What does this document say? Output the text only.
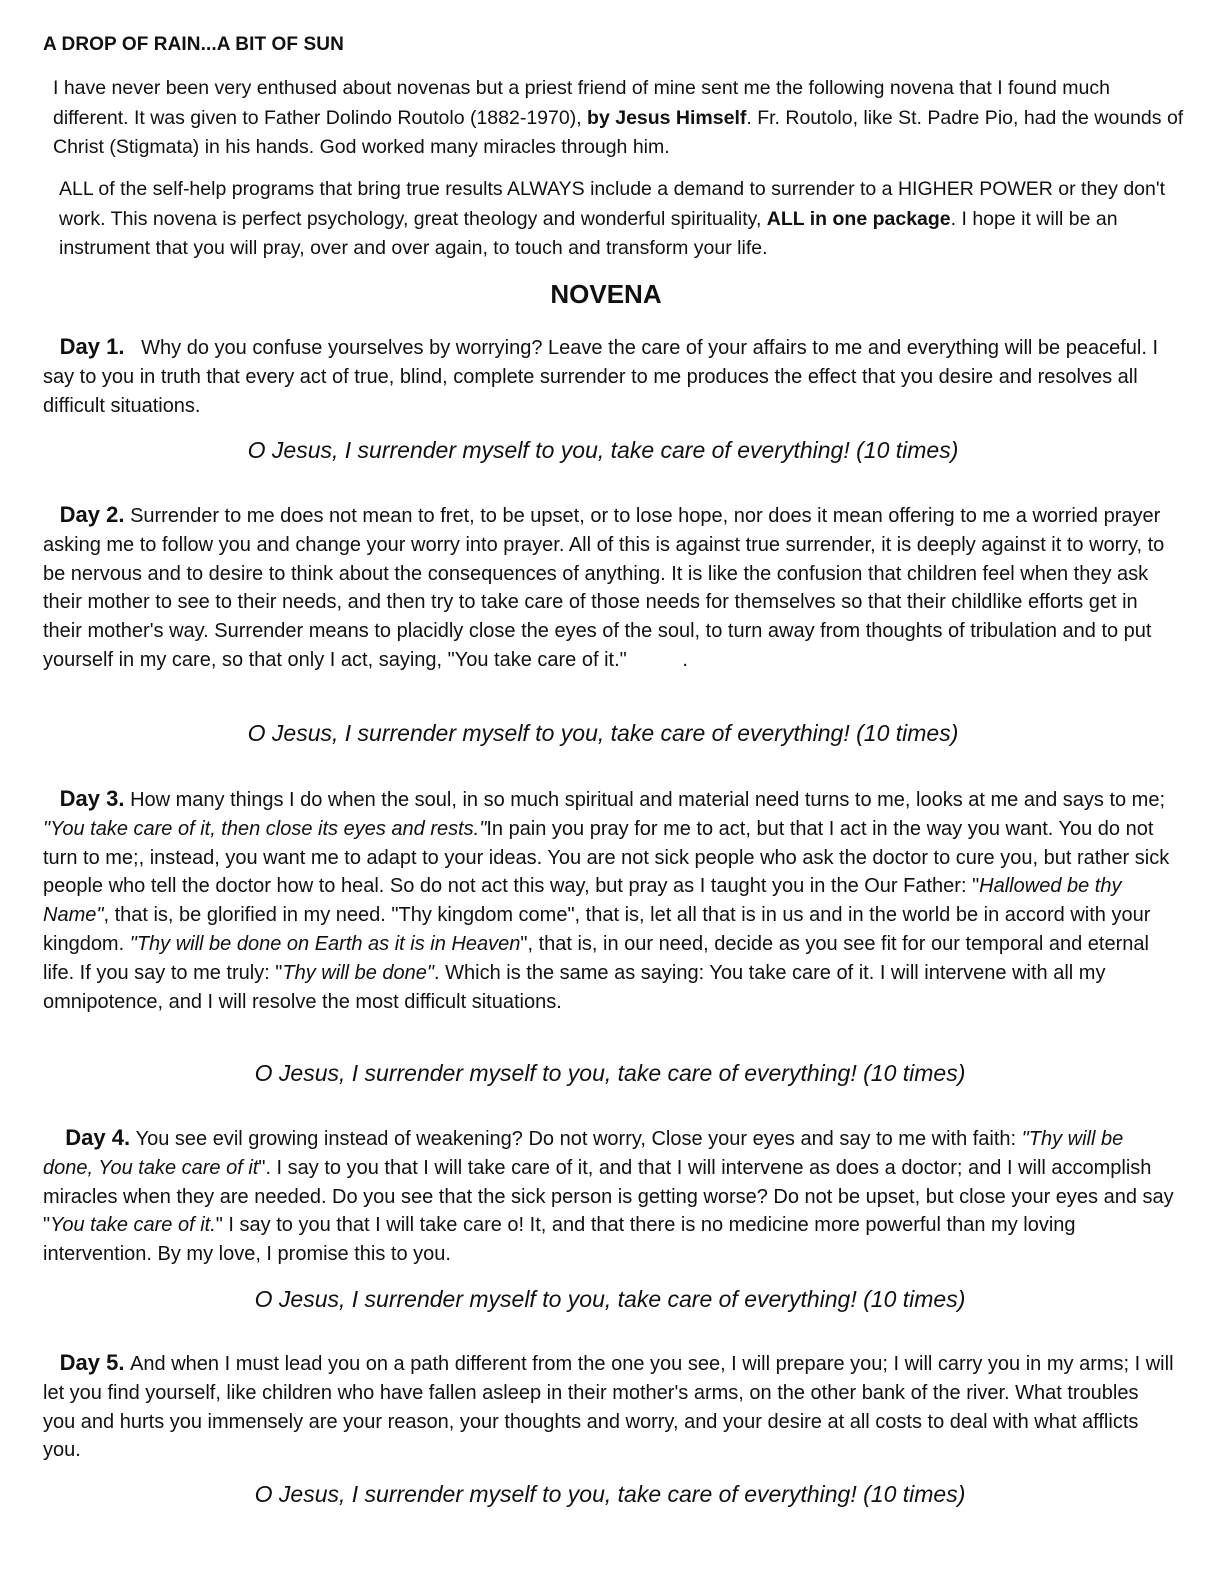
A DROP OF RAIN...A BIT OF SUN

I have never been very enthused about novenas but a priest friend of mine sent me the following novena that I found much different. It was given to Father Dolindo Routolo (1882-1970), by Jesus Himself. Fr. Routolo, like St. Padre Pio, had the wounds of Christ (Stigmata) in his hands. God worked many miracles through him.

ALL of the self-help programs that bring true results ALWAYS include a demand to surrender to a HIGHER POWER or they don't work. This novena is perfect psychology, great theology and wonderful spirituality, ALL in one package. I hope it will be an instrument that you will pray, over and over again, to touch and transform your life.

NOVENA

Day 1. Why do you confuse yourselves by worrying? Leave the care of your affairs to me and everything will be peaceful. I say to you in truth that every act of true, blind, complete surrender to me produces the effect that you desire and resolves all difficult situations.

O Jesus, I surrender myself to you, take care of everything! (10 times)

Day 2. Surrender to me does not mean to fret, to be upset, or to lose hope, nor does it mean offering to me a worried prayer asking me to follow you and change your worry into prayer. All of this is against true surrender, it is deeply against it to worry, to be nervous and to desire to think about the consequences of anything. It is like the confusion that children feel when they ask their mother to see to their needs, and then try to take care of those needs for themselves so that their childlike efforts get in their mother's way. Surrender means to placidly close the eyes of the soul, to turn away from thoughts of tribulation and to put yourself in my care, so that only I act, saying, "You take care of it."	.

O Jesus, I surrender myself to you, take care of everything! (10 times)

Day 3. How many things I do when the soul, in so much spiritual and material need turns to me, looks at me and says to me; "You take care of it, then close its eyes and rests."In pain you pray for me to act, but that I act in the way you want. You do not turn to me;, instead, you want me to adapt to your ideas. You are not sick people who ask the doctor to cure you, but rather sick people who tell the doctor how to heal. So do not act this way, but pray as I taught you in the Our Father: "Hallowed be thy Name", that is, be glorified in my need. "Thy kingdom come", that is, let all that is in us and in the world be in accord with your kingdom. "Thy will be done on Earth as it is in Heaven", that is, in our need, decide as you see fit for our temporal and eternal life. If you say to me truly: "Thy will be done". Which is the same as saying: You take care of it. I will intervene with all my omnipotence, and I will resolve the most difficult situations.

O Jesus, I surrender myself to you, take care of everything! (10 times)

Day 4. You see evil growing instead of weakening? Do not worry, Close your eyes and say to me with faith: "Thy will be done, You take care of it". I say to you that I will take care of it, and that I will intervene as does a doctor; and I will accomplish miracles when they are needed. Do you see that the sick person is getting worse? Do not be upset, but close your eyes and say "You take care of it." I say to you that I will take care o! It, and that there is no medicine more powerful than my loving intervention. By my love, I promise this to you.

O Jesus, I surrender myself to you, take care of everything! (10 times)

Day 5. And when I must lead you on a path different from the one you see, I will prepare you; I will carry you in my arms; I will let you find yourself, like children who have fallen asleep in their mother's arms, on the other bank of the river. What troubles you and hurts you immensely are your reason, your thoughts and worry, and your desire at all costs to deal with what afflicts you.

O Jesus, I surrender myself to you, take care of everything! (10 times)
